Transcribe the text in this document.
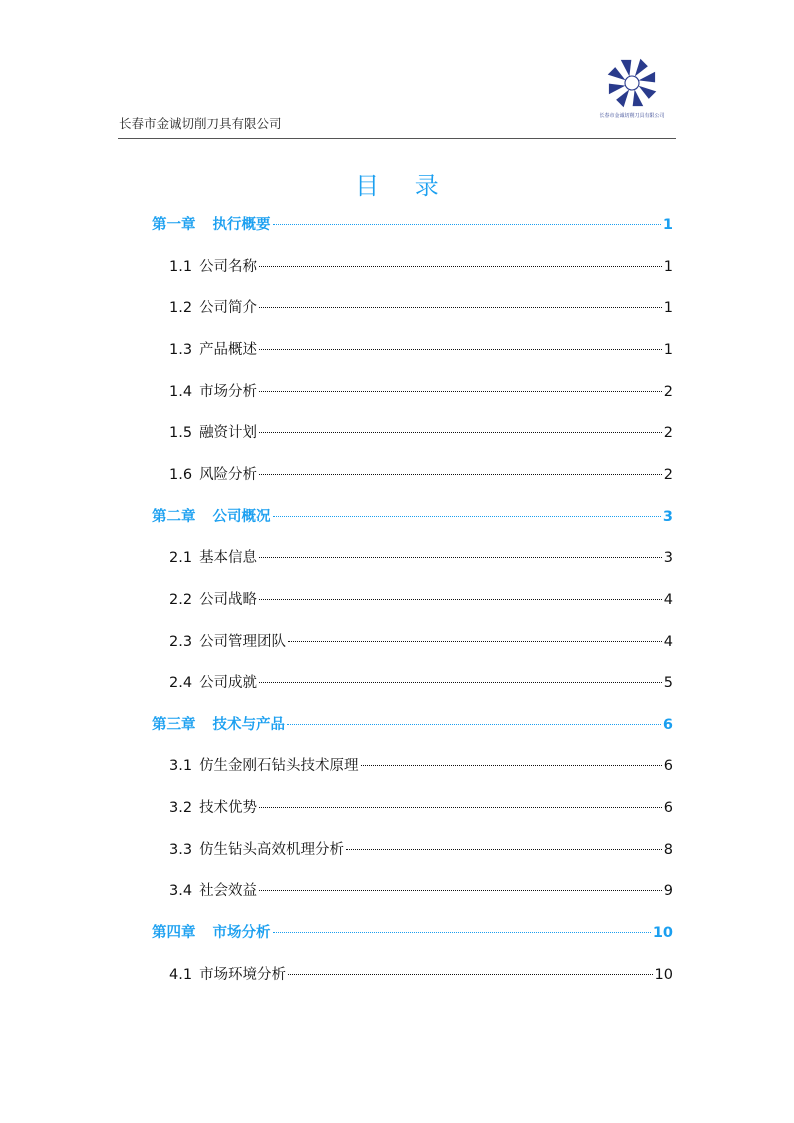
长春市金诚切削刀具有限公司	长春市金诚切削刀具有限公司
目 录
第一章 执行概要	1
1.1 公司名称	1
1.2 公司简介	1
1.3 产品概述	1
1.4 市场分析	2
1.5 融资计划	2
1.6 风险分析	2
第二章 公司概况	3
2.1 基本信息	3
2.2 公司战略	4
2.3 公司管理团队	4
2.4 公司成就	5
第三章 技术与产品	6
3.1 仿生金刚石钻头技术原理	6
3.2 技术优势	6
3.3 仿生钻头高效机理分析	8
3.4 社会效益	9
第四章 市场分析	10
4.1 市场环境分析	10
